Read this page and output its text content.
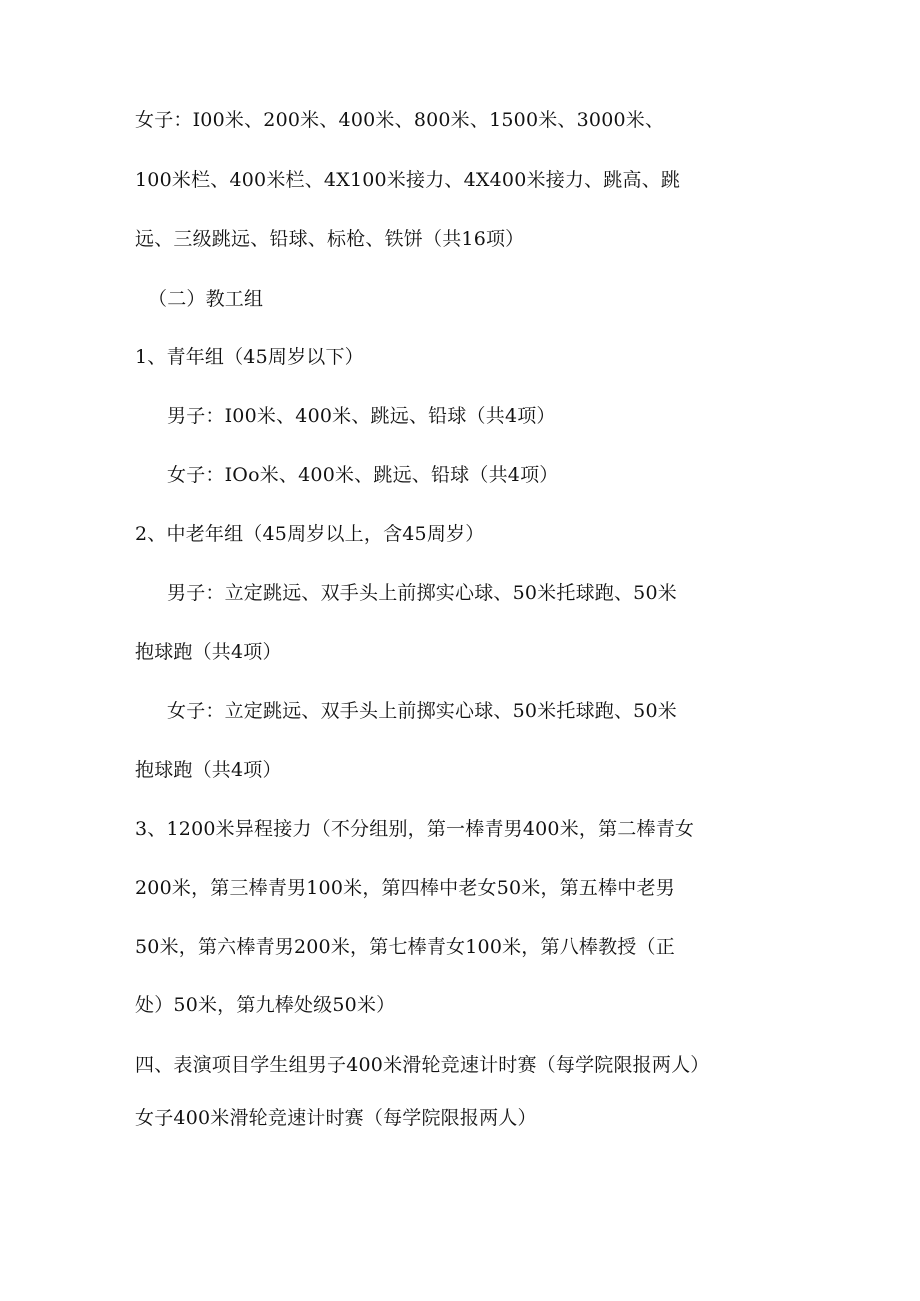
女子：I00米、200米、400米、800米、1500米、3000米、
100米栏、400米栏、4X100米接力、4X400米接力、跳高、跳
远、三级跳远、铅球、标枪、铁饼（共16项）
（二）教工组
1、青年组（45周岁以下）
男子：I00米、400米、跳远、铅球（共4项）
女子：IOo米、400米、跳远、铅球（共4项）
2、中老年组（45周岁以上，含45周岁）
男子：立定跳远、双手头上前掷实心球、50米托球跑、50米
抱球跑（共4项）
女子：立定跳远、双手头上前掷实心球、50米托球跑、50米
抱球跑（共4项）
3、1200米异程接力（不分组别，第一棒青男400米，第二棒青女
200米，第三棒青男100米，第四棒中老女50米，第五棒中老男
50米，第六棒青男200米，第七棒青女100米，第八棒教授（正
处）50米，第九棒处级50米）
四、表演项目学生组男子400米滑轮竞速计时赛（每学院限报两人）
女子400米滑轮竞速计时赛（每学院限报两人）
